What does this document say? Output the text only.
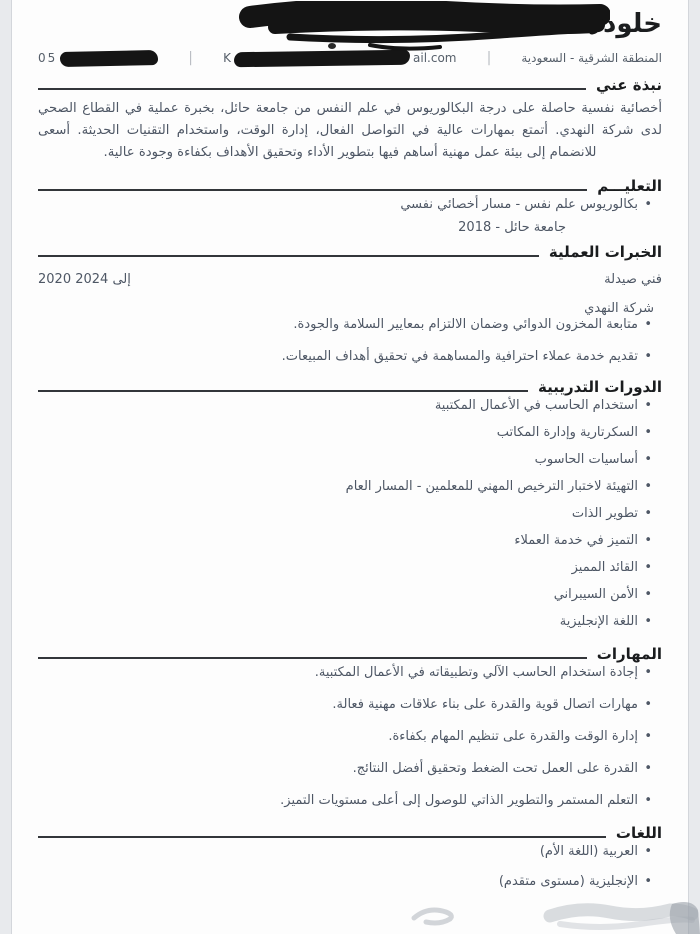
خلود
05	|	K	ail.com |	المنطقة الشرقية - السعودية
نبذة عني

أخصائية نفسية حاصلة على درجة البكالوريوس في علم النفس من جامعة حائل، بخبرة عملية في القطاع الصحي لدى شركة النهدي. أتمتع بمهارات عالية في التواصل الفعال، إدارة الوقت، واستخدام التقنيات الحديثة. أسعى للانضمام إلى بيئة عمل مهنية أساهم فيها بتطوير الأداء وتحقيق الأهداف بكفاءة وجودة عالية.

التعليـــم
• بكالوريوس علم نفس - مسار أخصائي نفسي
جامعة حائل - 2018
الخبرات العملية
فني صيدلة
2020 إلى 2024
شركة النهدي
• متابعة المخزون الدوائي وضمان الالتزام بمعايير السلامة والجودة.
• تقديم خدمة عملاء احترافية والمساهمة في تحقيق أهداف المبيعات.
الدورات التدريبية
• استخدام الحاسب في الأعمال المكتبية
• السكرتارية وإدارة المكاتب
• أساسيات الحاسوب
• التهيئة لاختبار الترخيص المهني للمعلمين - المسار العام
• تطوير الذات
• التميز في خدمة العملاء
• القائد المميز
• الأمن السيبراني
• اللغة الإنجليزية
المهارات
• إجادة استخدام الحاسب الآلي وتطبيقاته في الأعمال المكتبية.
• مهارات اتصال قوية والقدرة على بناء علاقات مهنية فعالة.
• إدارة الوقت والقدرة على تنظيم المهام بكفاءة.
• القدرة على العمل تحت الضغط وتحقيق أفضل النتائج.
• التعلم المستمر والتطوير الذاتي للوصول إلى أعلى مستويات التميز.
اللغات
• العربية (اللغة الأم)
• الإنجليزية (مستوى متقدم)
